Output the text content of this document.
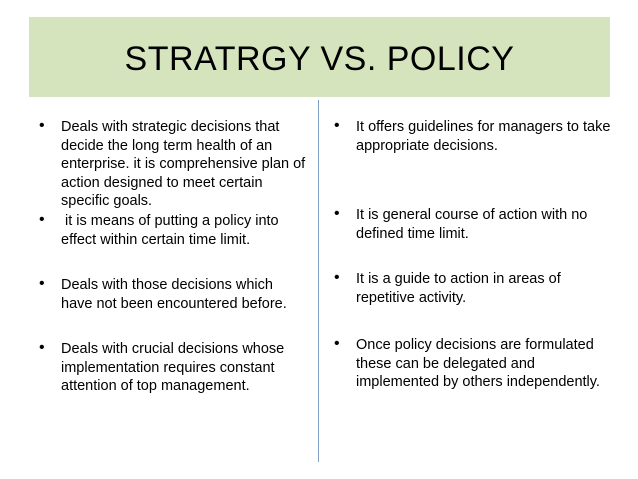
STRATRGY VS. POLICY
• Deals with strategic decisions that decide the long term health of an enterprise. it is comprehensive plan of action designed to meet certain specific goals.
• it is means of putting a policy into effect within certain time limit.
• Deals with those decisions which have not been encountered before.
• Deals with crucial decisions whose implementation requires constant attention of top management.
• It offers guidelines for managers to take appropriate decisions.
• It is general course of action with no defined time limit.
• It is a guide to action in areas of repetitive activity.
• Once policy decisions are formulated these can be delegated and implemented by others independently.
